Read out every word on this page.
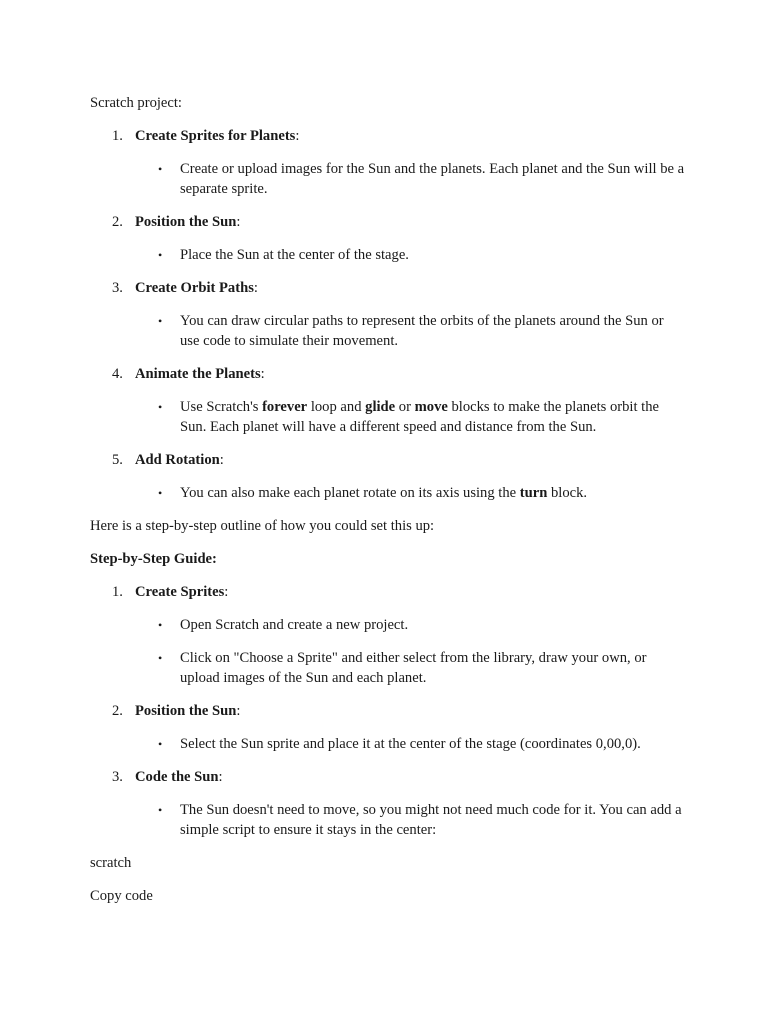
Scratch project:

1. Create Sprites for Planets:
• Create or upload images for the Sun and the planets. Each planet and the Sun will be a separate sprite.
2. Position the Sun:
• Place the Sun at the center of the stage.
3. Create Orbit Paths:
• You can draw circular paths to represent the orbits of the planets around the Sun or use code to simulate their movement.
4. Animate the Planets:
• Use Scratch's forever loop and glide or move blocks to make the planets orbit the Sun. Each planet will have a different speed and distance from the Sun.
5. Add Rotation:
• You can also make each planet rotate on its axis using the turn block.

Here is a step-by-step outline of how you could set this up:

Step-by-Step Guide:

1. Create Sprites:
• Open Scratch and create a new project.
• Click on "Choose a Sprite" and either select from the library, draw your own, or upload images of the Sun and each planet.
2. Position the Sun:
• Select the Sun sprite and place it at the center of the stage (coordinates 0,00,0).
3. Code the Sun:
• The Sun doesn't need to move, so you might not need much code for it. You can add a simple script to ensure it stays in the center:

scratch

Copy code
